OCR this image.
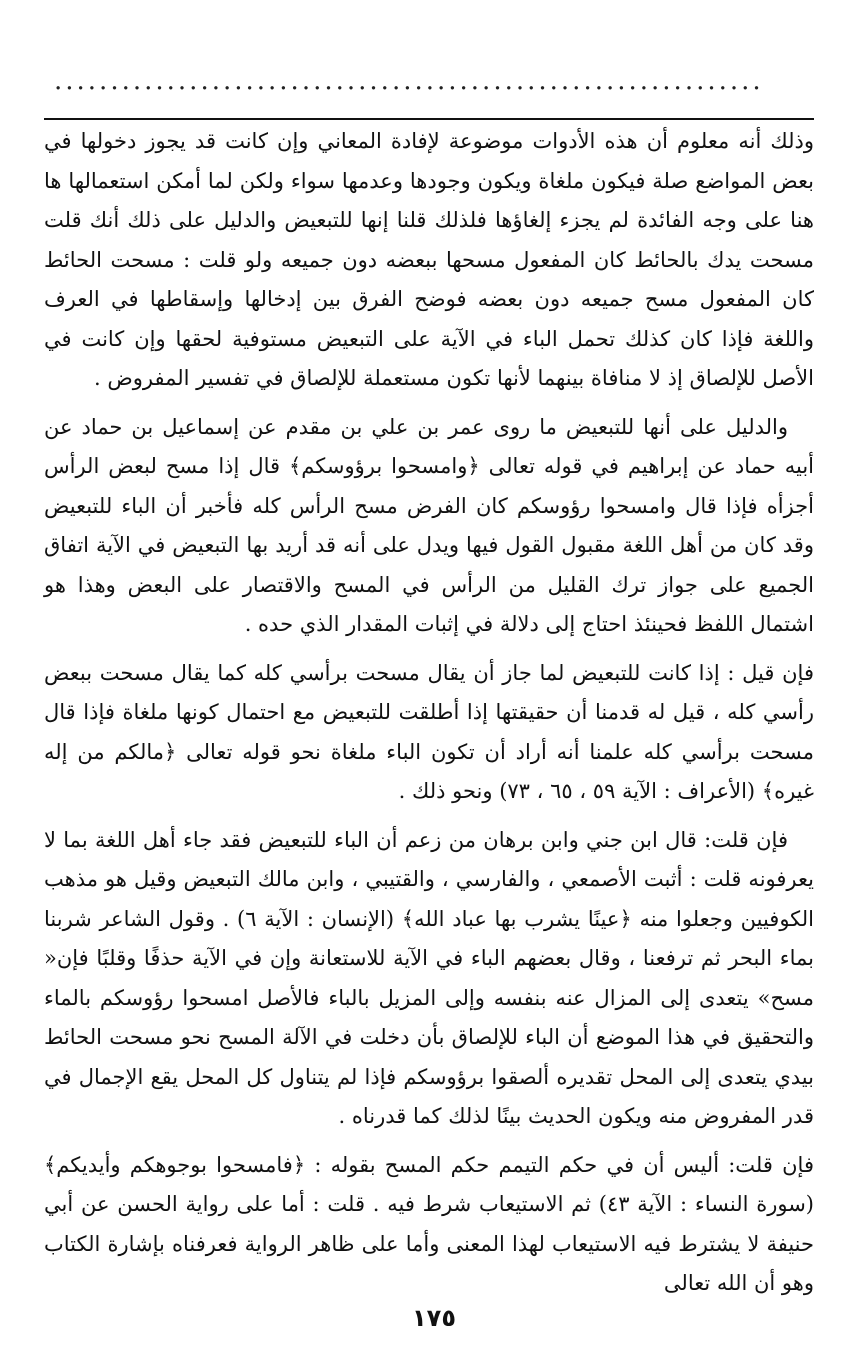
...............................................................

وذلك أنه معلوم أن هذه الأدوات موضوعة لإفادة المعاني وإن كانت قد يجوز دخولها في بعض المواضع صلة فيكون ملغاة ويكون وجودها وعدمها سواء ولكن لما أمكن استعمالها ها هنا على وجه الفائدة لم يجزء إلغاؤها فلذلك قلنا إنها للتبعيض والدليل على ذلك أنك قلت مسحت يدك بالحائط كان المفعول مسحها ببعضه دون جميعه ولو قلت : مسحت الحائط كان المفعول مسح جميعه دون بعضه فوضح الفرق بين إدخالها وإسقاطها في العرف واللغة فإذا كان كذلك تحمل الباء في الآية على التبعيض مستوفية لحقها وإن كانت في الأصل للإلصاق إذ لا منافاة بينهما لأنها تكون مستعملة للإلصاق في تفسير المفروض .

والدليل على أنها للتبعيض ما روى عمر بن علي بن مقدم عن إسماعيل بن حماد عن أبيه حماد عن إبراهيم في قوله تعالى ﴿وامسحوا برؤوسكم﴾ قال إذا مسح لبعض الرأس أجزأه فإذا قال وامسحوا رؤوسكم كان الفرض مسح الرأس كله فأخبر أن الباء للتبعيض وقد كان من أهل اللغة مقبول القول فيها ويدل على أنه قد أريد بها التبعيض في الآية اتفاق الجميع على جواز ترك القليل من الرأس في المسح والاقتصار على البعض وهذا هو اشتمال اللفظ فحينئذ احتاج إلى دلالة في إثبات المقدار الذي حده .

فإن قيل : إذا كانت للتبعيض لما جاز أن يقال مسحت برأسي كله كما يقال مسحت ببعض رأسي كله ، قيل له قدمنا أن حقيقتها إذا أطلقت للتبعيض مع احتمال كونها ملغاة فإذا قال مسحت برأسي كله علمنا أنه أراد أن تكون الباء ملغاة نحو قوله تعالى ﴿مالكم من إله غيره﴾ (الأعراف : الآية ٥٩ ، ٦٥ ، ٧٣) ونحو ذلك .

فإن قلت: قال ابن جني وابن برهان من زعم أن الباء للتبعيض فقد جاء أهل اللغة بما لا يعرفونه قلت : أثبت الأصمعي ، والفارسي ، والقتيبي ، وابن مالك التبعيض وقيل هو مذهب الكوفيين وجعلوا منه ﴿عينًا يشرب بها عباد الله﴾ (الإنسان : الآية ٦) . وقول الشاعر شربنا بماء البحر ثم ترفعنا ، وقال بعضهم الباء في الآية للاستعانة وإن في الآية حذفًا وقلبًا فإن« مسح» يتعدى إلى المزال عنه بنفسه وإلى المزيل بالباء فالأصل امسحوا رؤوسكم بالماء والتحقيق في هذا الموضع أن الباء للإلصاق بأن دخلت في الآلة المسح نحو مسحت الحائط بيدي يتعدى إلى المحل تقديره ألصقوا برؤوسكم فإذا لم يتناول كل المحل يقع الإجمال في قدر المفروض منه ويكون الحديث بينًا لذلك كما قدرناه .

فإن قلت: أليس أن في حكم التيمم حكم المسح بقوله : ﴿فامسحوا بوجوهكم وأيديكم﴾ (سورة النساء : الآية ٤٣) ثم الاستيعاب شرط فيه . قلت : أما على رواية الحسن عن أبي حنيفة لا يشترط فيه الاستيعاب لهذا المعنى وأما على ظاهر الرواية فعرفناه بإشارة الكتاب وهو أن الله تعالى

١٧٥
